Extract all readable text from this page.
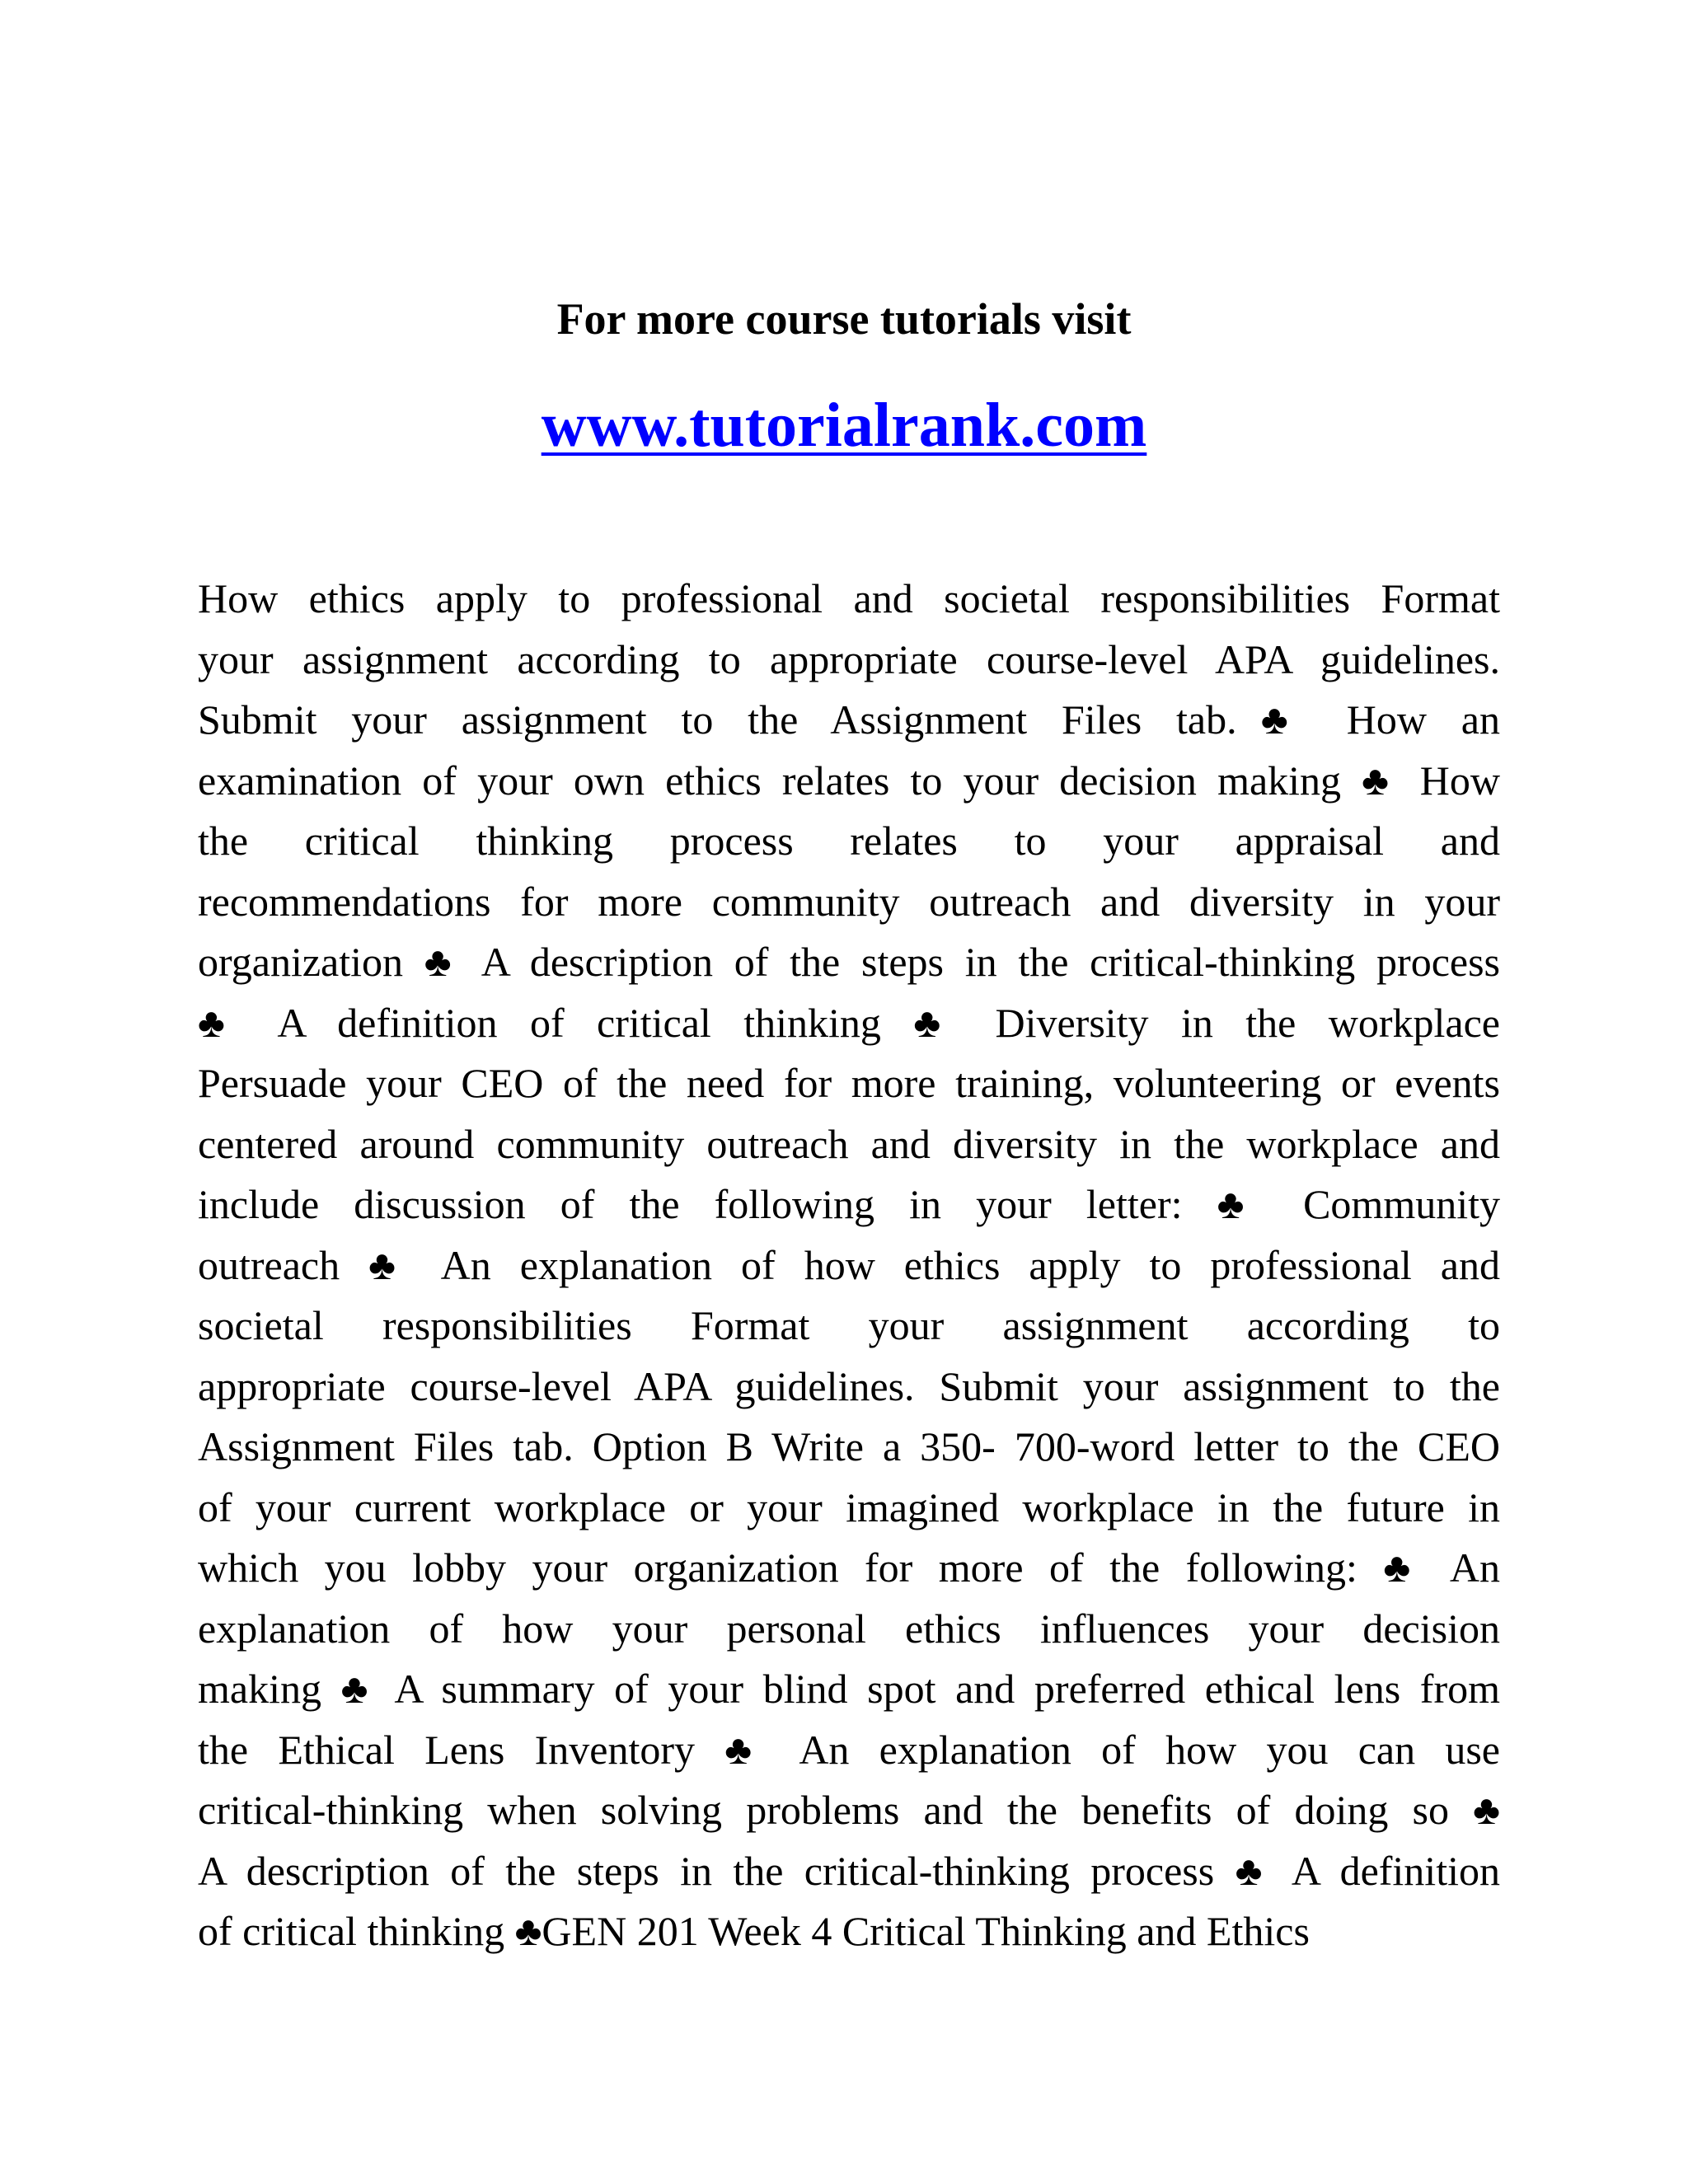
For more course tutorials visit
www.tutorialrank.com
How ethics apply to professional and societal responsibilities Format
your assignment according to appropriate course-level APA guidelines.
Submit your assignment to the Assignment Files tab.♣ How an
examination of your own ethics relates to your decision making ♣ How
the critical thinking process relates to your appraisal and
recommendations for more community outreach and diversity in your
organization ♣ A description of the steps in the critical-thinking process
♣ A definition of critical thinking ♣ Diversity in the workplace
Persuade your CEO of the need for more training, volunteering or events
centered around community outreach and diversity in the workplace and
include discussion of the following in your letter: ♣ Community
outreach ♣ An explanation of how ethics apply to professional and
societal responsibilities Format your assignment according to
appropriate course-level APA guidelines. Submit your assignment to the
Assignment Files tab. Option B Write a 350- 700-word letter to the CEO
of your current workplace or your imagined workplace in the future in
which you lobby your organization for more of the following: ♣ An
explanation of how your personal ethics influences your decision
making ♣ A summary of your blind spot and preferred ethical lens from
the Ethical Lens Inventory ♣ An explanation of how you can use
critical-thinking when solving problems and the benefits of doing so ♣
A description of the steps in the critical-thinking process ♣ A definition
of critical thinking ♣GEN 201 Week 4 Critical Thinking and Ethics
